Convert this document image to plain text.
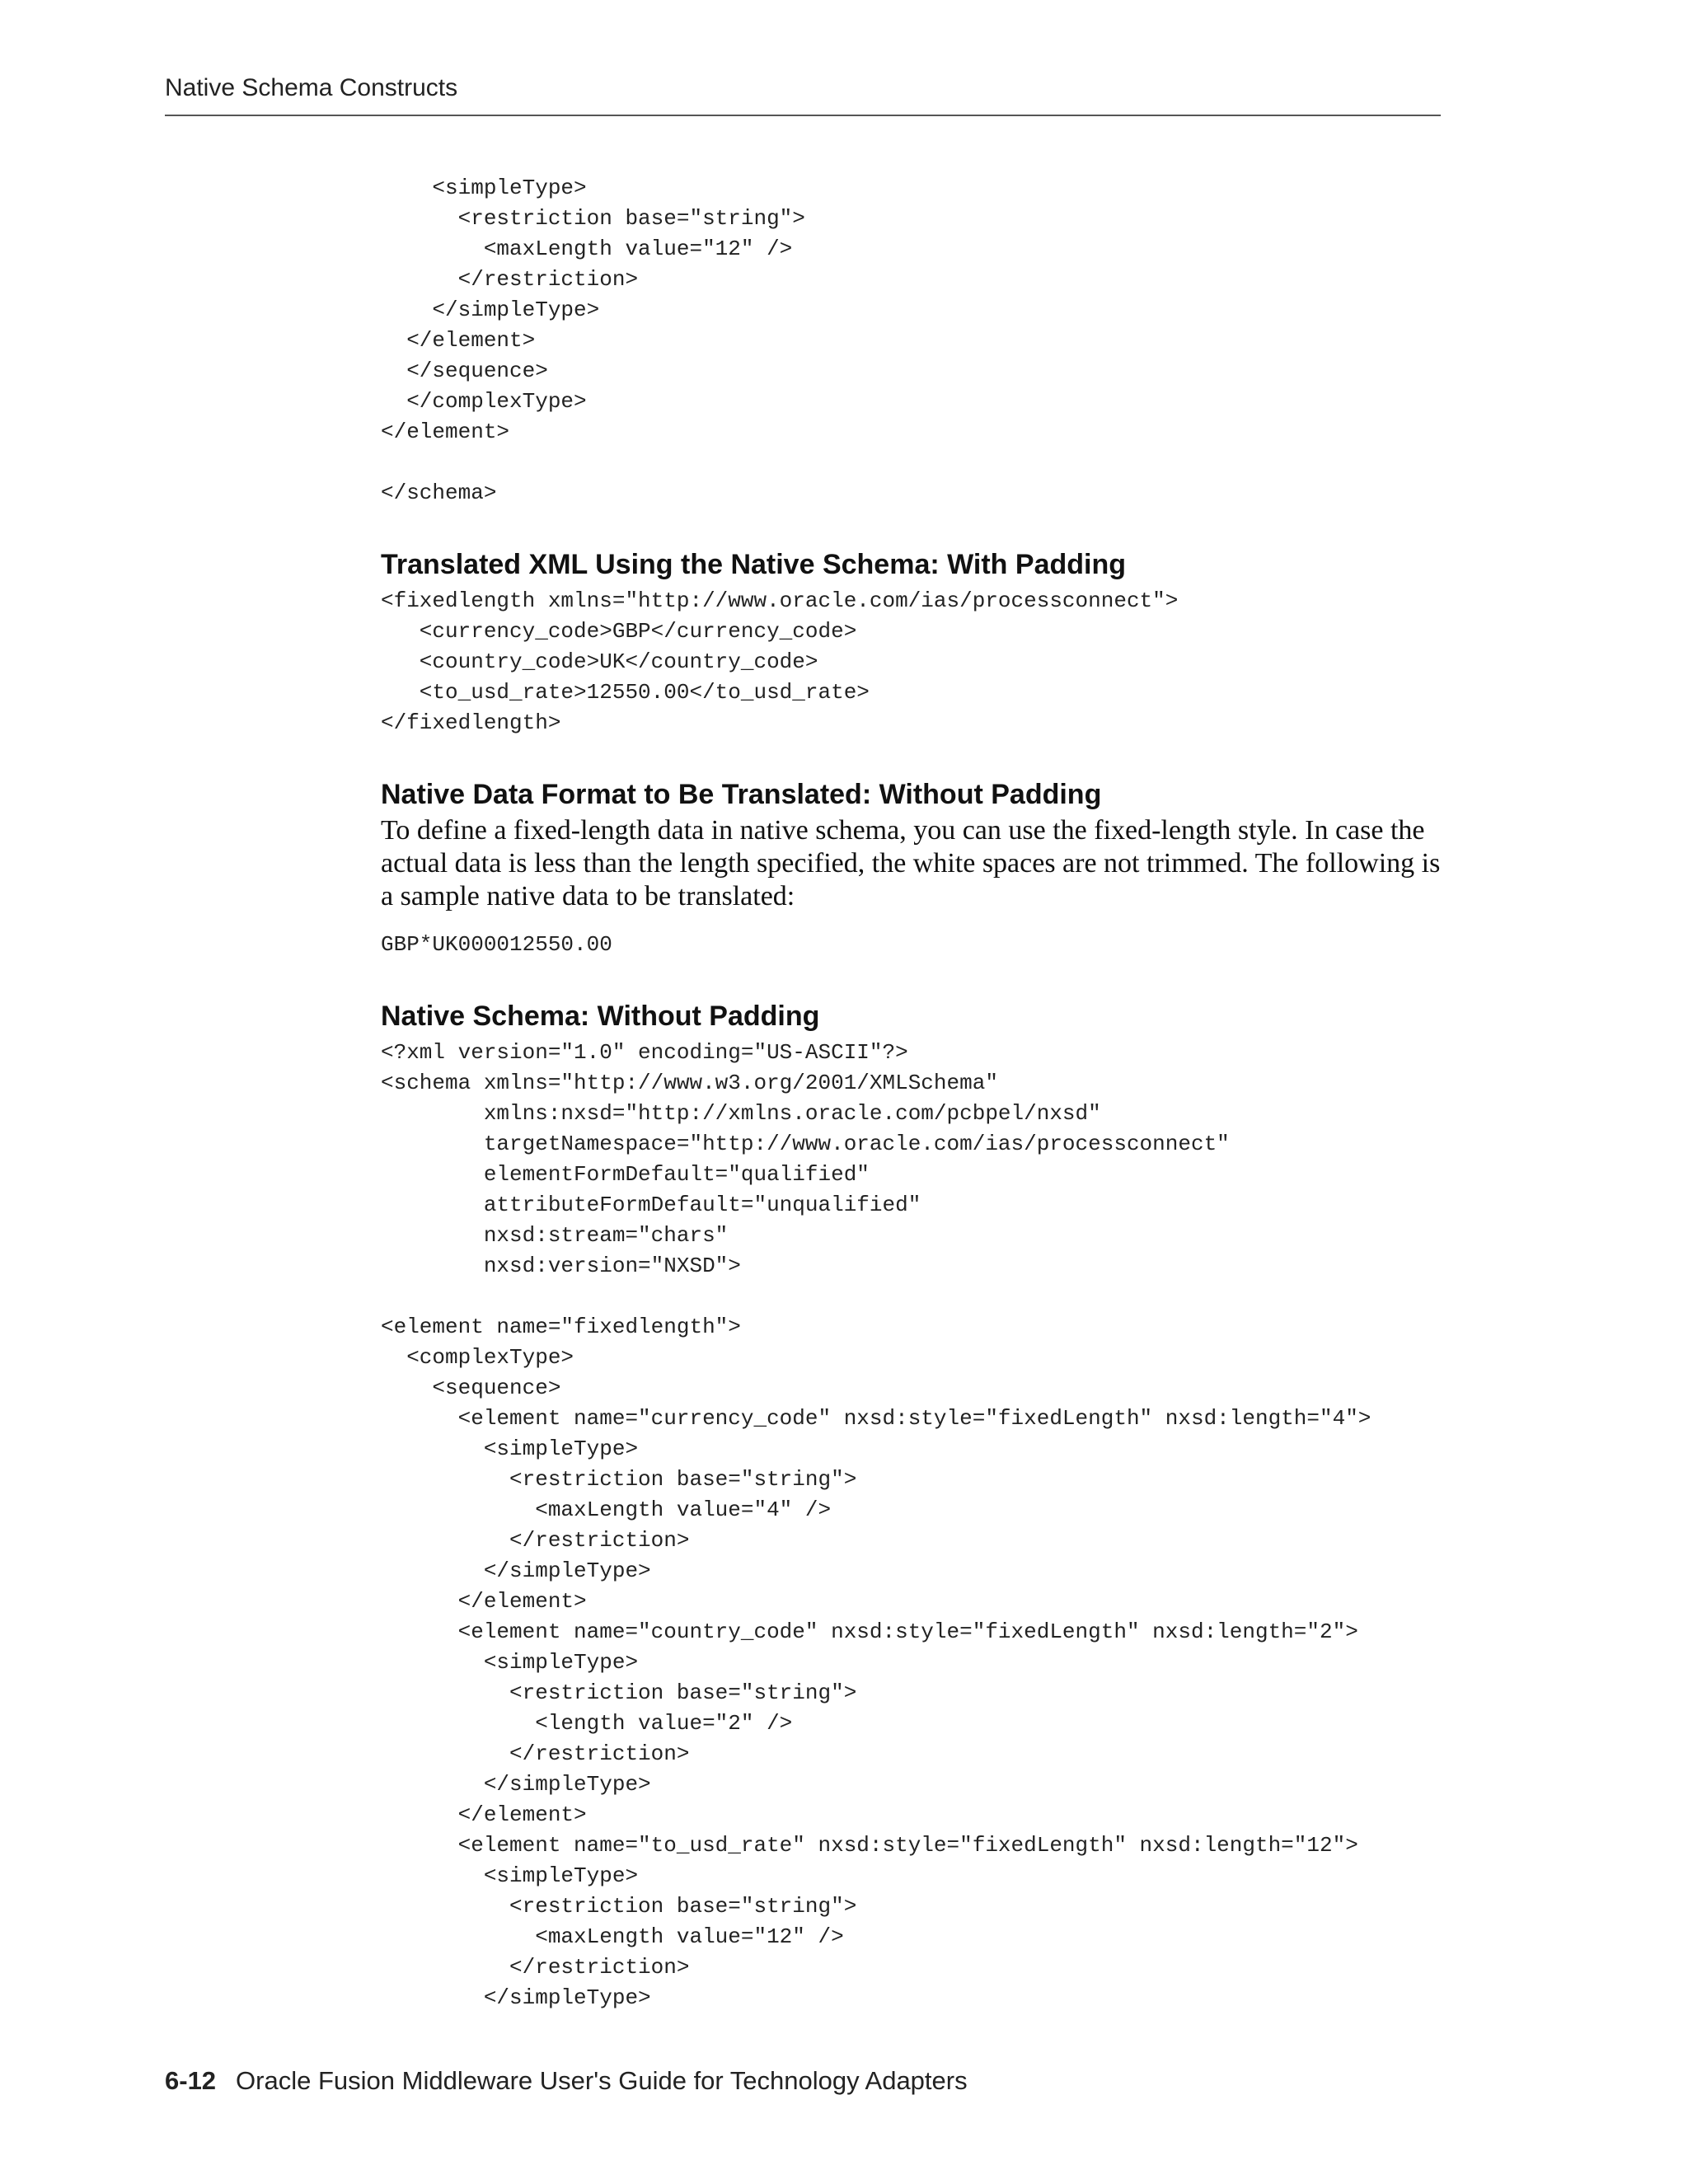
Native Schema Constructs
<simpleType>
<restriction base="string">
<maxLength value="12" />
</restriction>
</simpleType>
</element>
</sequence>
</complexType>
</element>

</schema>
Translated XML Using the Native Schema: With Padding
<fixedlength xmlns="http://www.oracle.com/ias/processconnect">
<currency_code>GBP</currency_code>
<country_code>UK</country_code>
<to_usd_rate>12550.00</to_usd_rate>
</fixedlength>
Native Data Format to Be Translated: Without Padding

To define a fixed-length data in native schema, you can use the fixed-length style. In case the actual data is less than the length specified, the white spaces are not trimmed. The following is a sample native data to be translated:

GBP*UK000012550.00
Native Schema: Without Padding
<?xml version="1.0" encoding="US-ASCII"?>
<schema xmlns="http://www.w3.org/2001/XMLSchema"
xmlns:nxsd="http://xmlns.oracle.com/pcbpel/nxsd"
targetNamespace="http://www.oracle.com/ias/processconnect"
elementFormDefault="qualified"
attributeFormDefault="unqualified"
nxsd:stream="chars"
nxsd:version="NXSD">

<element name="fixedlength">
<complexType>
<sequence>
<element name="currency_code" nxsd:style="fixedLength" nxsd:length="4">
<simpleType>
<restriction base="string">
<maxLength value="4" />
</restriction>
</simpleType>
</element>
<element name="country_code" nxsd:style="fixedLength" nxsd:length="2">
<simpleType>
<restriction base="string">
<length value="2" />
</restriction>
</simpleType>
</element>
<element name="to_usd_rate" nxsd:style="fixedLength" nxsd:length="12">
<simpleType>
<restriction base="string">
<maxLength value="12" />
</restriction>
</simpleType>
6-12 Oracle Fusion Middleware User's Guide for Technology Adapters
